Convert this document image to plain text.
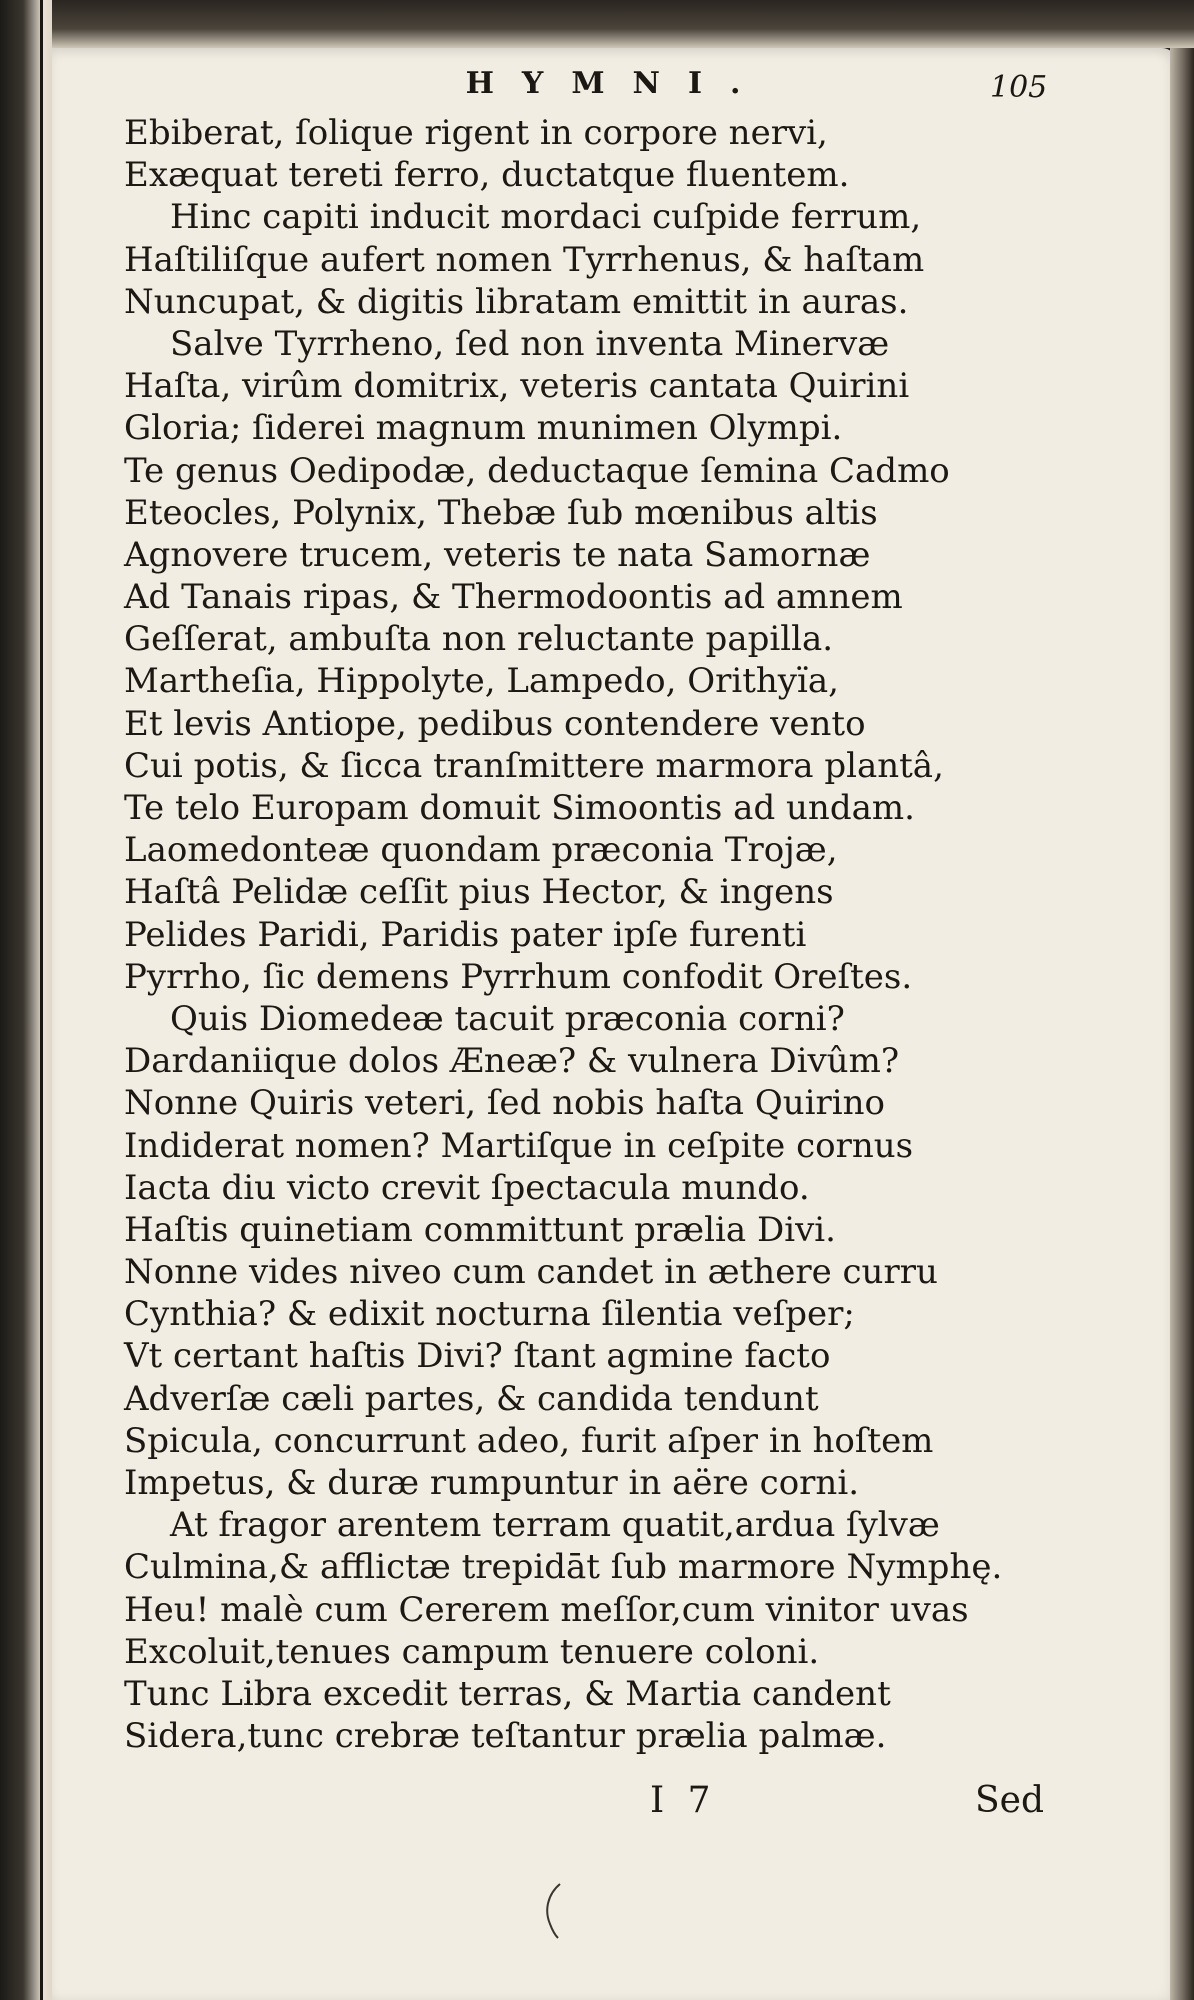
HYMNI.	105
Ebiberat, ſolique rigent in corpore nervi,
Exæquat tereti ferro, ductatque fluentem.
Hinc capiti inducit mordaci cuſpide ferrum,
Haſtiliſque aufert nomen Tyrrhenus, & haſtam
Nuncupat, & digitis libratam emittit in auras.
Salve Tyrrheno, ſed non inventa Minervæ
Haſta, virûm domitrix, veteris cantata Quirini
Gloria; ſiderei magnum munimen Olympi.
Te genus Oedipodæ, deductaque ſemina Cadmo
Eteocles, Polynix, Thebæ ſub mœnibus altis
Agnovere trucem, veteris te nata Samornæ
Ad Tanais ripas, & Thermodoontis ad amnem
Geſſerat, ambuſta non reluctante papilla.
Martheſia, Hippolyte, Lampedo, Orithyïa,
Et levis Antiope, pedibus contendere vento
Cui potis, & ſicca tranſmittere marmora plantâ,
Te telo Europam domuit Simoontis ad undam.
Laomedonteæ quondam præconia Trojæ,
Haſtâ Pelidæ ceſſit pius Hector, & ingens
Pelides Paridi, Paridis pater ipſe furenti
Pyrrho, ſic demens Pyrrhum confodit Oreſtes.
Quis Diomedeæ tacuit præconia corni?
Dardaniique dolos Æneæ? & vulnera Divûm?
Nonne Quiris veteri, ſed nobis haſta Quirino
Indiderat nomen? Martiſque in ceſpite cornus
Iacta diu victo crevit ſpectacula mundo.
Haſtis quinetiam committunt prælia Divi.
Nonne vides niveo cum candet in æthere curru
Cynthia? & edixit nocturna ſilentia veſper;
Vt certant haſtis Divi? ſtant agmine facto
Adverſæ cæli partes, & candida tendunt
Spicula, concurrunt adeo, furit aſper in hoſtem
Impetus, & duræ rumpuntur in aëre corni.
At fragor arentem terram quatit,ardua ſylvæ
Culmina,& afflictæ trepidāt ſub marmore Nymphę.
Heu! malè cum Cererem meſſor,cum vinitor uvas
Excoluit,tenues campum tenuere coloni.
Tunc Libra excedit terras, & Martia candent
Sidera,tunc crebræ teſtantur prælia palmæ.
I 7	Sed
